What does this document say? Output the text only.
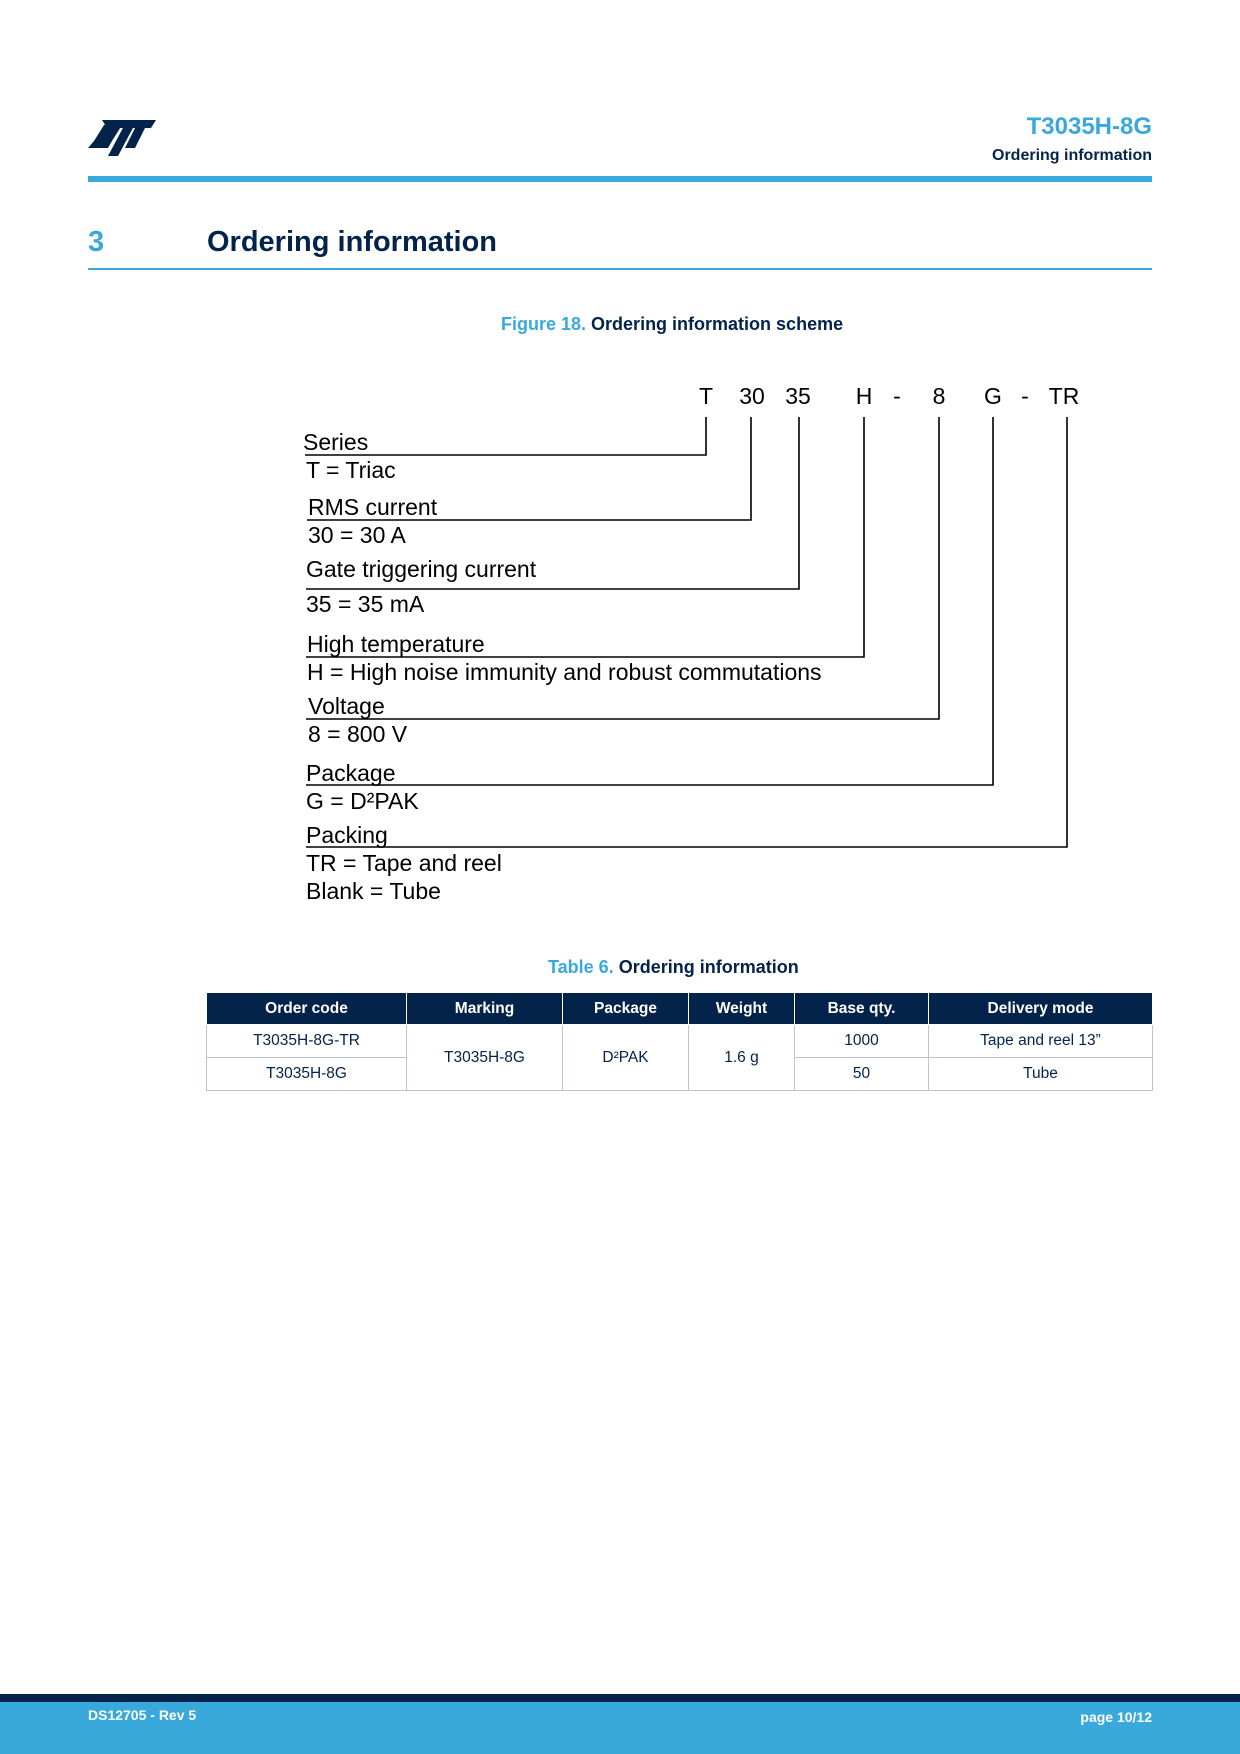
T3035H-8G
Ordering information
3	Ordering information
Figure 18. Ordering information scheme
T 30 35 H - 8 G - TR
Series
T = Triac
RMS current
30 = 30 A
Gate triggering current
35 = 35 mA
High temperature
H = High noise immunity and robust commutations
Voltage
8 = 800 V
Package
G = D²PAK
Packing
TR = Tape and reel
Blank = Tube
Table 6. Ordering information
Order code	Marking	Package	Weight	Base qty.	Delivery mode
T3035H-8G-TR	T3035H-8G	D²PAK	1.6 g	1000	Tape and reel 13”
T3035H-8G				50	Tube
DS12705 - Rev 5	page 10/12
